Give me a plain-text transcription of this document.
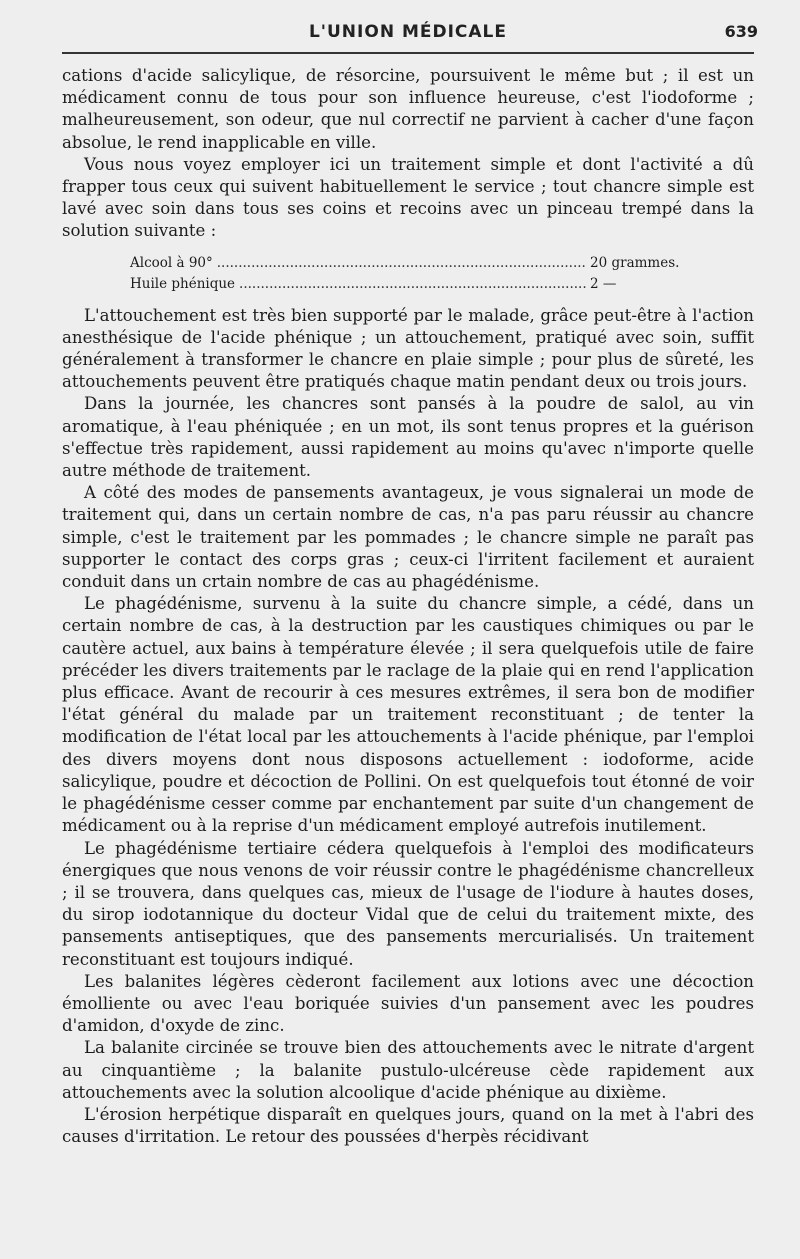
L'UNION MÉDICALE	639

cations d'acide salicylique, de résorcine, poursuivent le même but ; il est un médicament connu de tous pour son influence heureuse, c'est l'iodoforme ; malheureusement, son odeur, que nul correctif ne parvient à cacher d'une façon absolue, le rend inapplicable en ville.

Vous nous voyez employer ici un traitement simple et dont l'activité a dû frapper tous ceux qui suivent habituellement le service ; tout chancre simple est lavé avec soin dans tous ses coins et recoins avec un pinceau trempé dans la solution suivante :

Alcool à 90° .....	20 grammes.
Huile phénique .....	2 —

L'attouchement est très bien supporté par le malade, grâce peut-être à l'action anesthésique de l'acide phénique ; un attouchement, pratiqué avec soin, suffit généralement à transformer le chancre en plaie simple ; pour plus de sûreté, les attouchements peuvent être pratiqués chaque matin pendant deux ou trois jours.

Dans la journée, les chancres sont pansés à la poudre de salol, au vin aromatique, à l'eau phéniquée ; en un mot, ils sont tenus propres et la guérison s'effectue très rapidement, aussi rapidement au moins qu'avec n'importe quelle autre méthode de traitement.

A côté des modes de pansements avantageux, je vous signalerai un mode de traitement qui, dans un certain nombre de cas, n'a pas paru réussir au chancre simple, c'est le traitement par les pommades ; le chancre simple ne paraît pas supporter le contact des corps gras ; ceux-ci l'irritent facilement et auraient conduit dans un crtain nombre de cas au phagédénisme.

Le phagédénisme, survenu à la suite du chancre simple, a cédé, dans un certain nombre de cas, à la destruction par les caustiques chimiques ou par le cautère actuel, aux bains à température élevée ; il sera quelquefois utile de faire précéder les divers traitements par le raclage de la plaie qui en rend l'application plus efficace. Avant de recourir à ces mesures extrêmes, il sera bon de modifier l'état général du malade par un traitement reconstituant ; de tenter la modification de l'état local par les attouchements à l'acide phénique, par l'emploi des divers moyens dont nous disposons actuellement : iodoforme, acide salicylique, poudre et décoction de Pollini. On est quelquefois tout étonné de voir le phagédénisme cesser comme par enchantement par suite d'un changement de médicament ou à la reprise d'un médicament employé autrefois inutilement.

Le phagédénisme tertiaire cédera quelquefois à l'emploi des modificateurs énergiques que nous venons de voir réussir contre le phagédénisme chancrelleux ; il se trouvera, dans quelques cas, mieux de l'usage de l'iodure à hautes doses, du sirop iodotannique du docteur Vidal que de celui du traitement mixte, des pansements antiseptiques, que des pansements mercurialisés. Un traitement reconstituant est toujours indiqué.

Les balanites légères cèderont facilement aux lotions avec une décoction émolliente ou avec l'eau boriquée suivies d'un pansement avec les poudres d'amidon, d'oxyde de zinc.

La balanite circinée se trouve bien des attouchements avec le nitrate d'argent au cinquantième ; la balanite pustulo-ulcéreuse cède rapidement aux attouchements avec la solution alcoolique d'acide phénique au dixième.

L'érosion herpétique disparaît en quelques jours, quand on la met à l'abri des causes d'irritation. Le retour des poussées d'herpès récidivant
